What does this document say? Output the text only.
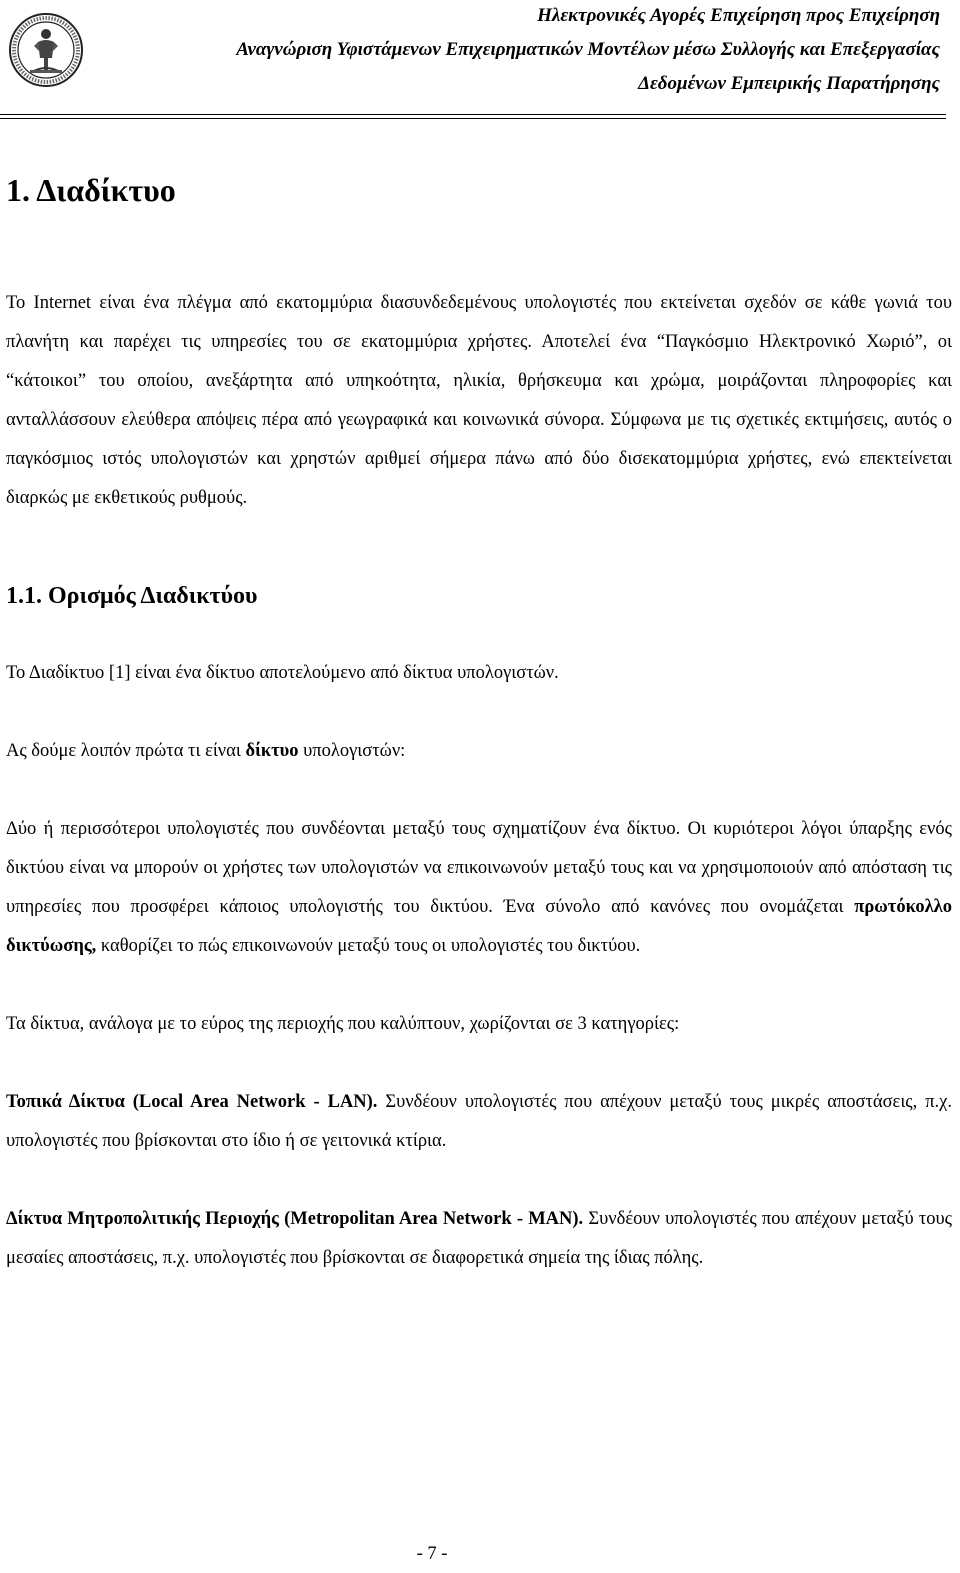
Ηλεκτρονικές Αγορές Επιχείρηση προς Επιχείρηση
Αναγνώριση Υφιστάμενων Επιχειρηματικών Μοντέλων μέσω Συλλογής και Επεξεργασίας
Δεδομένων Εμπειρικής Παρατήρησης
1. Διαδίκτυο

Το Internet είναι ένα πλέγμα από εκατομμύρια διασυνδεδεμένους υπολογιστές που εκτείνεται σχεδόν σε κάθε γωνιά του πλανήτη και παρέχει τις υπηρεσίες του σε εκατομμύρια χρήστες. Αποτελεί ένα “Παγκόσμιο Ηλεκτρονικό Χωριό”, οι “κάτοικοι” του οποίου, ανεξάρτητα από υπηκοότητα, ηλικία, θρήσκευμα και χρώμα, μοιράζονται πληροφορίες και ανταλλάσσουν ελεύθερα απόψεις πέρα από γεωγραφικά και κοινωνικά σύνορα. Σύμφωνα με τις σχετικές εκτιμήσεις, αυτός ο παγκόσμιος ιστός υπολογιστών και χρηστών αριθμεί σήμερα πάνω από δύο δισεκατομμύρια χρήστες, ενώ επεκτείνεται διαρκώς με εκθετικούς ρυθμούς.

1.1. Ορισμός Διαδικτύου

Το Διαδίκτυο [1] είναι ένα δίκτυο αποτελούμενο από δίκτυα υπολογιστών.

Ας δούμε λοιπόν πρώτα τι είναι δίκτυο υπολογιστών:

Δύο ή περισσότεροι υπολογιστές που συνδέονται μεταξύ τους σχηματίζουν ένα δίκτυο. Οι κυριότεροι λόγοι ύπαρξης ενός δικτύου είναι να μπορούν οι χρήστες των υπολογιστών να επικοινωνούν μεταξύ τους και να χρησιμοποιούν από απόσταση τις υπηρεσίες που προσφέρει κάποιος υπολογιστής του δικτύου. Ένα σύνολο από κανόνες που ονομάζεται πρωτόκολλο δικτύωσης, καθορίζει το πώς επικοινωνούν μεταξύ τους οι υπολογιστές του δικτύου.

Τα δίκτυα, ανάλογα με το εύρος της περιοχής που καλύπτουν, χωρίζονται σε 3 κατηγορίες:

Τοπικά Δίκτυα (Local Area Network - LAN). Συνδέουν υπολογιστές που απέχουν μεταξύ τους μικρές αποστάσεις, π.χ. υπολογιστές που βρίσκονται στο ίδιο ή σε γειτονικά κτίρια.

Δίκτυα Μητροπολιτικής Περιοχής (Metropolitan Area Network - MAN). Συνδέουν υπολογιστές που απέχουν μεταξύ τους μεσαίες αποστάσεις, π.χ. υπολογιστές που βρίσκονται σε διαφορετικά σημεία της ίδιας πόλης.

- 7 -
